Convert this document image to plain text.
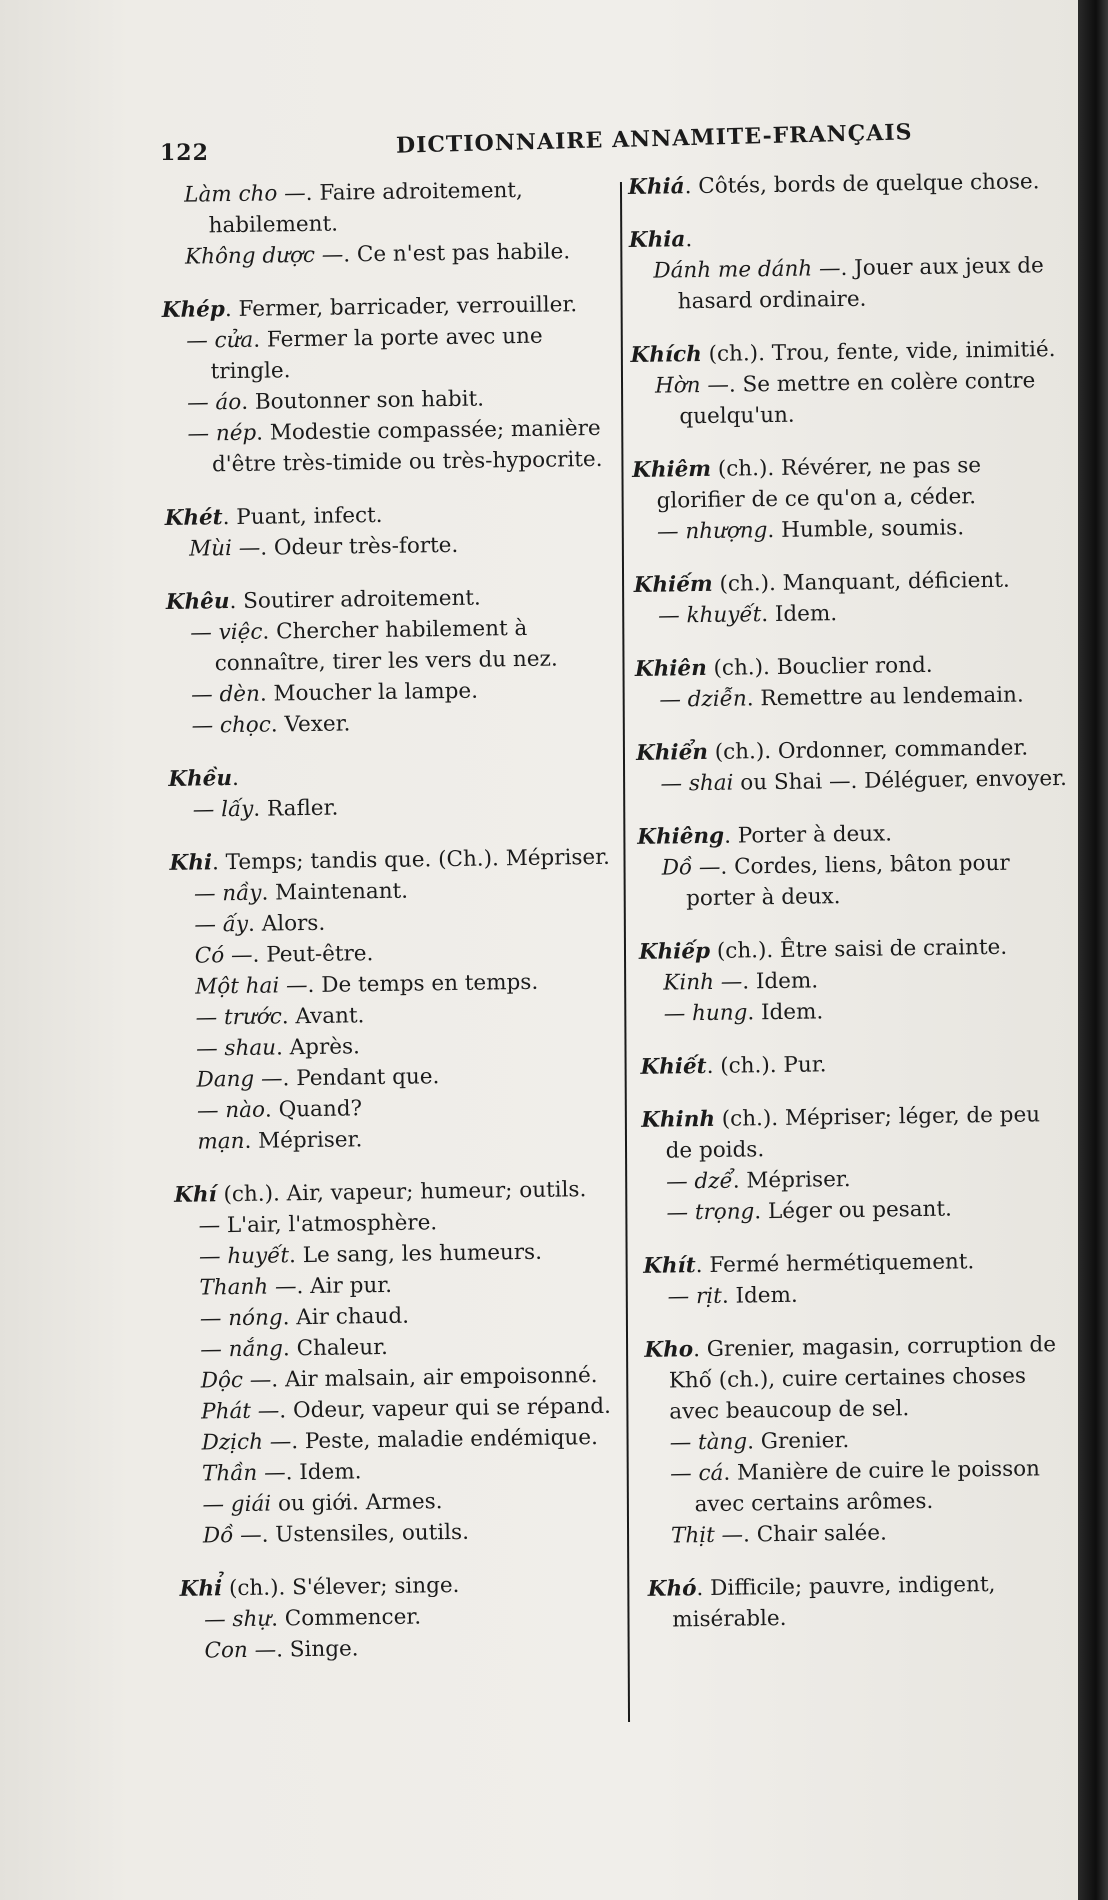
122	DICTIONNAIRE ANNAMITE-FRANÇAIS

Làm cho —. Faire adroitement, habilement.

Không dược —. Ce n'est pas habile.

Khép. Fermer, barricader, verrouiller.

— cửa. Fermer la porte avec une tringle.

— áo. Boutonner son habit.

— nép. Modestie compassée; manière d'être très-timide ou très-hypocrite.

Khét. Puant, infect.

Mùi —. Odeur très-forte.

Khêu. Soutirer adroitement.

— việc. Chercher habilement à connaître, tirer les vers du nez.

— dèn. Moucher la lampe.

— chọc. Vexer.

Khều.

— lấy. Rafler.

Khi. Temps; tandis que. (Ch.). Mépriser.

— nầy. Maintenant.

— ấy. Alors.

Có —. Peut-être.

Một hai —. De temps en temps.

— trước. Avant.

— shau. Après.

Dang —. Pendant que.

— nào. Quand?

mạn. Mépriser.

Khí (ch.). Air, vapeur; humeur; outils.

— L'air, l'atmosphère.

— huyết. Le sang, les humeurs.

Thanh —. Air pur.

— nóng. Air chaud.

— nắng. Chaleur.

Dộc —. Air malsain, air empoisonné.

Phát —. Odeur, vapeur qui se répand.

Dzịch —. Peste, maladie endémique.

Thần —. Idem.

— giái ou giới. Armes.

Dồ —. Ustensiles, outils.

Khỉ (ch.). S'élever; singe.

— shự. Commencer.

Con —. Singe.

Khiá. Côtés, bords de quelque chose.

Khia.

Dánh me dánh —. Jouer aux jeux de hasard ordinaire.

Khích (ch.). Trou, fente, vide, inimitié.

Hờn —. Se mettre en colère contre quelqu'un.

Khiêm (ch.). Révérer, ne pas se glorifier de ce qu'on a, céder.

— nhượng. Humble, soumis.

Khiếm (ch.). Manquant, déficient.

— khuyết. Idem.

Khiên (ch.). Bouclier rond.

— dziễn. Remettre au lendemain.

Khiển (ch.). Ordonner, commander.

— shai ou Shai —. Déléguer, envoyer.

Khiêng. Porter à deux.

Dồ —. Cordes, liens, bâton pour porter à deux.

Khiếp (ch.). Être saisi de crainte.

Kinh —. Idem.

— hung. Idem.

Khiết. (ch.). Pur.

Khinh (ch.). Mépriser; léger, de peu de poids.

— dzể. Mépriser.

— trọng. Léger ou pesant.

Khít. Fermé hermétiquement.

— rịt. Idem.

Kho. Grenier, magasin, corruption de Khố (ch.), cuire certaines choses avec beaucoup de sel.

— tàng. Grenier.

— cá. Manière de cuire le poisson avec certains arômes.

Thịt —. Chair salée.

Khó. Difficile; pauvre, indigent, misérable.
